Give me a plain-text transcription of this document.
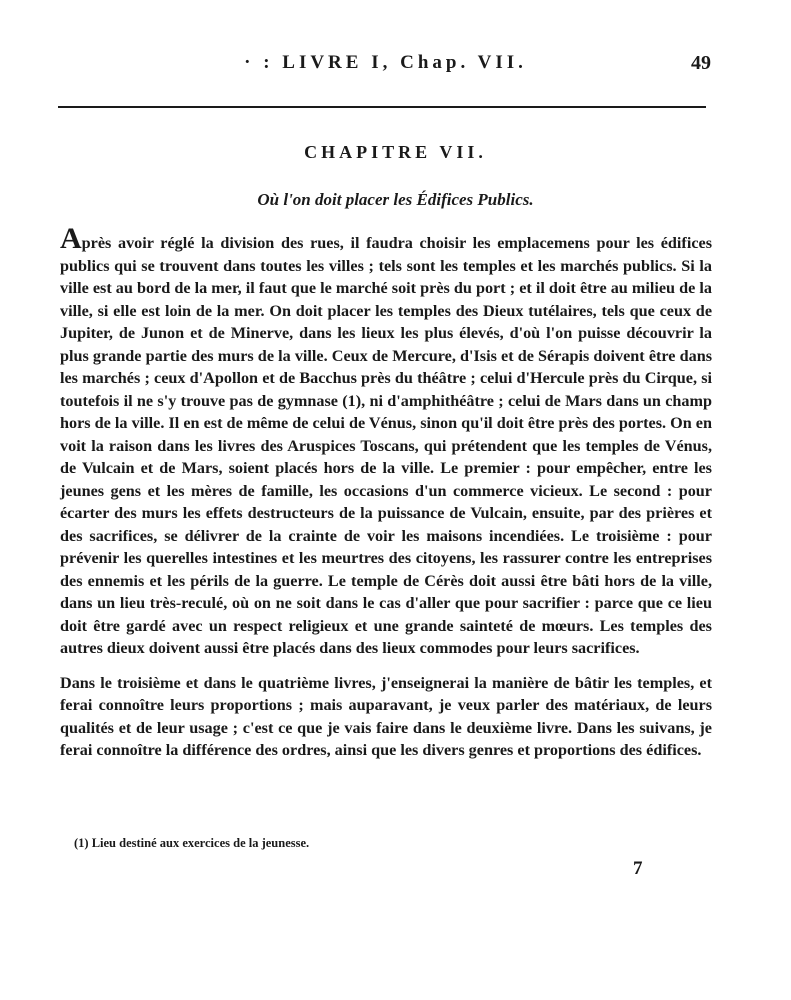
· : LIVRE I, Chap. VII.	49
CHAPITRE VII.
Où l'on doit placer les Édifices Publics.

Après avoir réglé la division des rues, il faudra choisir les emplacemens pour les édifices publics qui se trouvent dans toutes les villes ; tels sont les temples et les marchés publics. Si la ville est au bord de la mer, il faut que le marché soit près du port ; et il doit être au milieu de la ville, si elle est loin de la mer. On doit placer les temples des Dieux tutélaires, tels que ceux de Jupiter, de Junon et de Minerve, dans les lieux les plus élevés, d'où l'on puisse découvrir la plus grande partie des murs de la ville. Ceux de Mercure, d'Isis et de Sérapis doivent être dans les marchés ; ceux d'Apollon et de Bacchus près du théâtre ; celui d'Hercule près du Cirque, si toutefois il ne s'y trouve pas de gymnase (1), ni d'amphithéâtre ; celui de Mars dans un champ hors de la ville. Il en est de même de celui de Vénus, sinon qu'il doit être près des portes. On en voit la raison dans les livres des Aruspices Toscans, qui prétendent que les temples de Vénus, de Vulcain et de Mars, soient placés hors de la ville. Le premier : pour empêcher, entre les jeunes gens et les mères de famille, les occasions d'un commerce vicieux. Le second : pour écarter des murs les effets destructeurs de la puissance de Vulcain, ensuite, par des prières et des sacrifices, se délivrer de la crainte de voir les maisons incendiées. Le troisième : pour prévenir les querelles intestines et les meurtres des citoyens, les rassurer contre les entreprises des ennemis et les périls de la guerre. Le temple de Cérès doit aussi être bâti hors de la ville, dans un lieu très-reculé, où on ne soit dans le cas d'aller que pour sacrifier : parce que ce lieu doit être gardé avec un respect religieux et une grande sainteté de mœurs. Les temples des autres dieux doivent aussi être placés dans des lieux commodes pour leurs sacrifices.

Dans le troisième et dans le quatrième livres, j'enseignerai la manière de bâtir les temples, et ferai connoître leurs proportions ; mais auparavant, je veux parler des matériaux, de leurs qualités et de leur usage ; c'est ce que je vais faire dans le deuxième livre. Dans les suivans, je ferai connoître la différence des ordres, ainsi que les divers genres et proportions des édifices.

(1) Lieu destiné aux exercices de la jeunesse.
7
